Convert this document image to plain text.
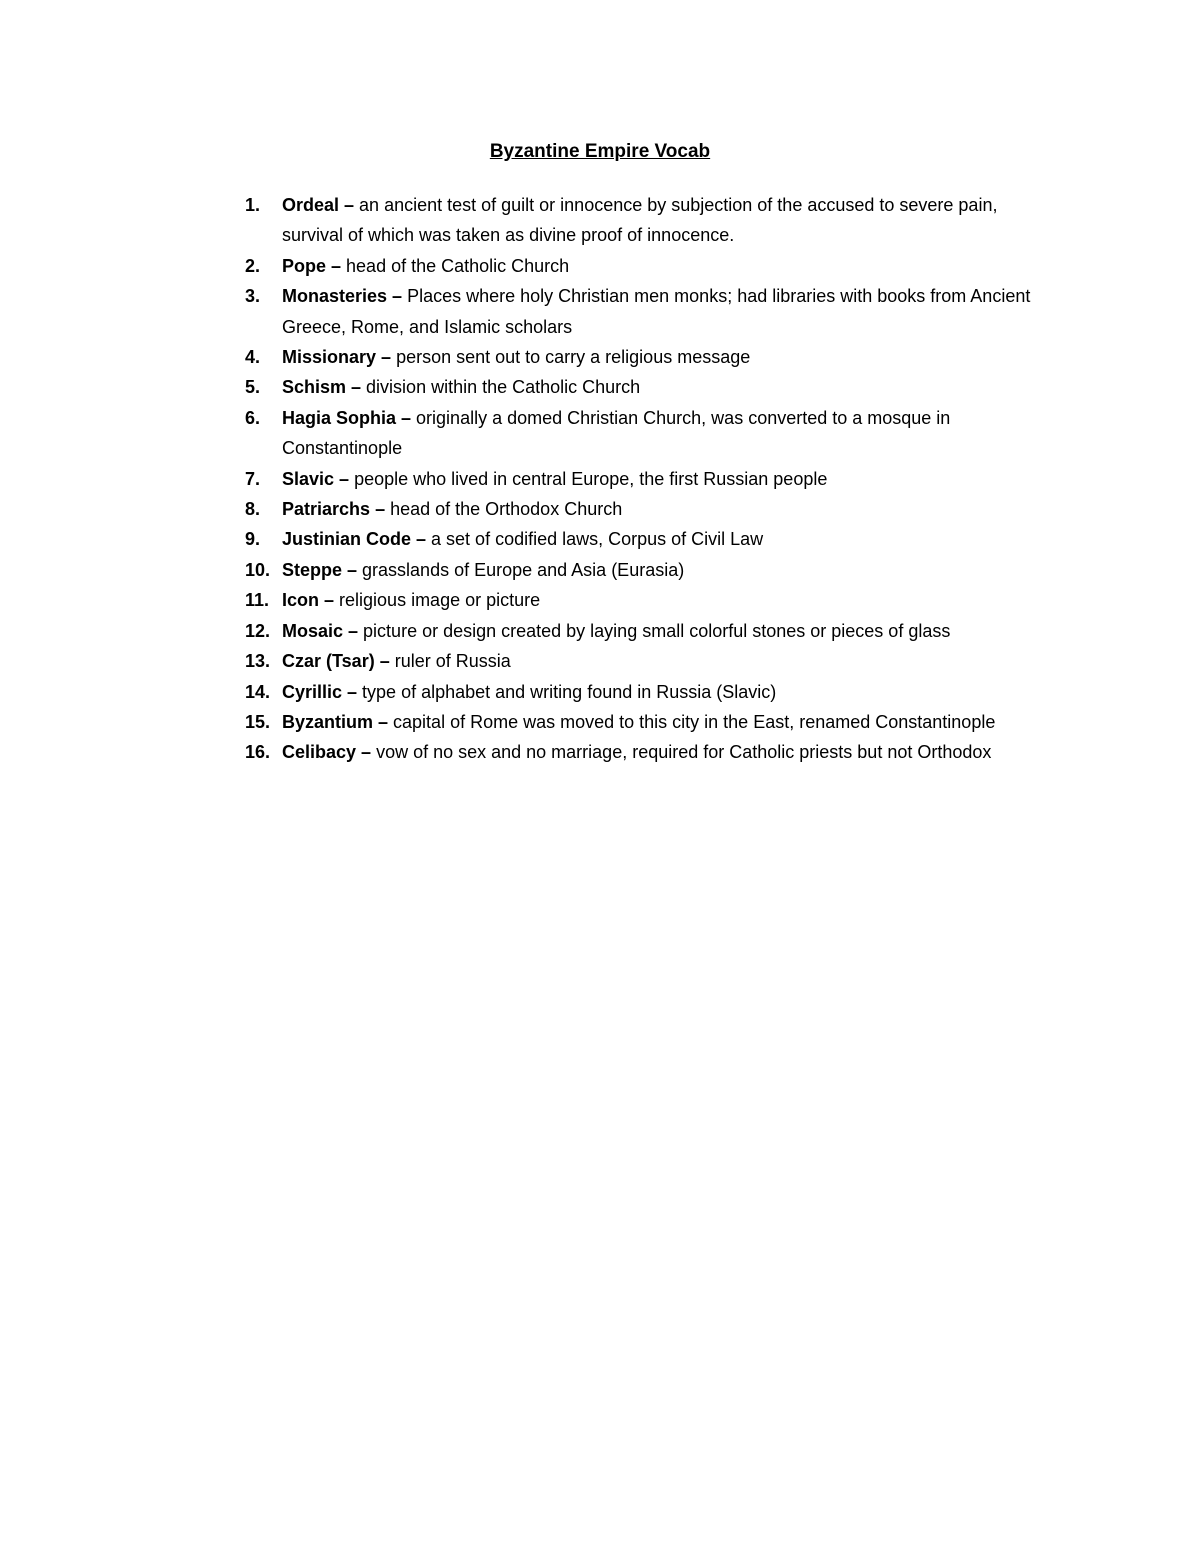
Byzantine Empire Vocab
1. Ordeal – an ancient test of guilt or innocence by subjection of the accused to severe pain, survival of which was taken as divine proof of innocence.
2. Pope – head of the Catholic Church
3. Monasteries – Places where holy Christian men monks; had libraries with books from Ancient Greece, Rome, and Islamic scholars
4. Missionary – person sent out to carry a religious message
5. Schism – division within the Catholic Church
6. Hagia Sophia – originally a domed Christian Church, was converted to a mosque in Constantinople
7. Slavic – people who lived in central Europe, the first Russian people
8. Patriarchs – head of the Orthodox Church
9. Justinian Code – a set of codified laws, Corpus of Civil Law
10. Steppe – grasslands of Europe and Asia (Eurasia)
11. Icon – religious image or picture
12. Mosaic – picture or design created by laying small colorful stones or pieces of glass
13. Czar (Tsar) – ruler of Russia
14. Cyrillic – type of alphabet and writing found in Russia (Slavic)
15. Byzantium – capital of Rome was moved to this city in the East, renamed Constantinople
16. Celibacy – vow of no sex and no marriage, required for Catholic priests but not Orthodox
